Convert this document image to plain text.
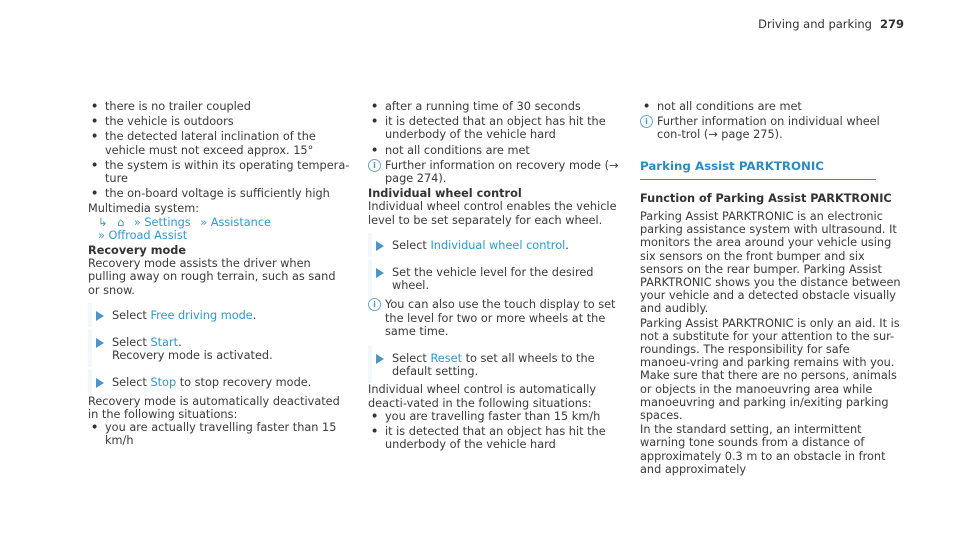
Driving and parking 279

• there is no trailer coupled

• the vehicle is outdoors

• the detected lateral inclination of the vehicle must not exceed approx. 15°

• the system is within its operating tempera-ture

• the on-board voltage is sufficiently high

Multimedia system:

↳ ⌂ » Settings » Assistance

» Offroad Assist

Recovery mode

Recovery mode assists the driver when pulling away on rough terrain, such as sand or snow.

Select Free driving mode.
Select Start.
Recovery mode is activated.
Select Stop to stop recovery mode.

Recovery mode is automatically deactivated in the following situations:

• you are actually travelling faster than 15 km/h

• after a running time of 30 seconds

• it is detected that an object has hit the underbody of the vehicle hard

• not all conditions are met

i Further information on recovery mode (→ page 274).

Individual wheel control

Individual wheel control enables the vehicle level to be set separately for each wheel.

Select Individual wheel control.
Set the vehicle level for the desired wheel.
i You can also use the touch display to set the level for two or more wheels at the same time.
Select Reset to set all wheels to the default setting.

Individual wheel control is automatically deacti-vated in the following situations:

• you are travelling faster than 15 km/h

• it is detected that an object has hit the underbody of the vehicle hard

• not all conditions are met

i Further information on individual wheel con-trol (→ page 275).

Parking Assist PARKTRONIC

Function of Parking Assist PARKTRONIC

Parking Assist PARKTRONIC is an electronic parking assistance system with ultrasound. It monitors the area around your vehicle using six sensors on the front bumper and six sensors on the rear bumper. Parking Assist PARKTRONIC shows you the distance between your vehicle and a detected obstacle visually and audibly.

Parking Assist PARKTRONIC is only an aid. It is not a substitute for your attention to the sur-roundings. The responsibility for safe manoeu-vring and parking remains with you. Make sure that there are no persons, animals or objects in the manoeuvring area while manoeuvring and parking in/exiting parking spaces.

In the standard setting, an intermittent warning tone sounds from a distance of approximately 0.3 m to an obstacle in front and approximately
